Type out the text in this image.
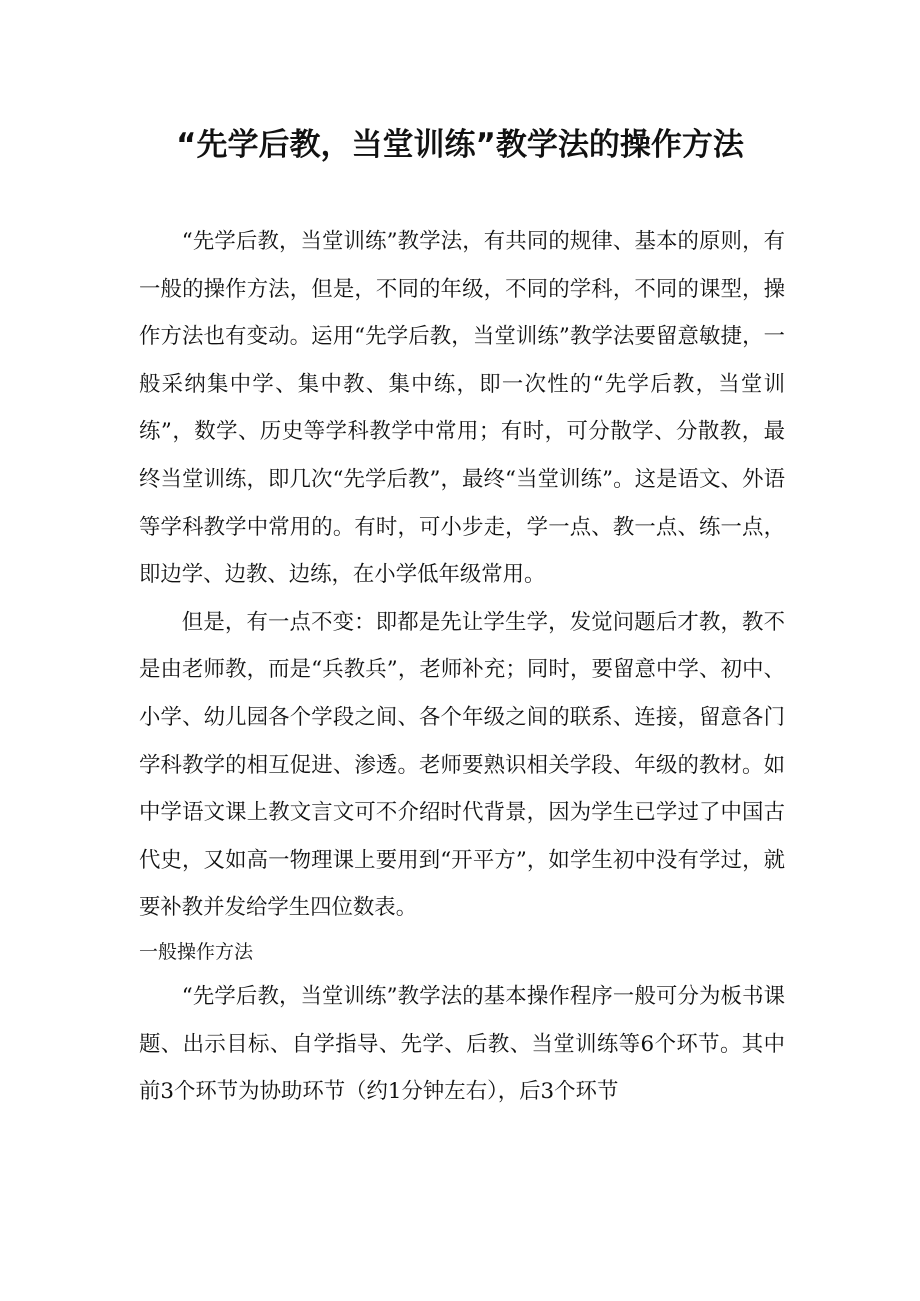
“先学后教，当堂训练”教学法的操作方法

“先学后教，当堂训练”教学法，有共同的规律、基本的原则，有一般的操作方法，但是，不同的年级，不同的学科，不同的课型，操作方法也有变动。运用“先学后教，当堂训练”教学法要留意敏捷，一般采纳集中学、集中教、集中练，即一次性的“先学后教，当堂训练”，数学、历史等学科教学中常用；有时，可分散学、分散教，最终当堂训练，即几次“先学后教”，最终“当堂训练”。这是语文、外语等学科教学中常用的。有时，可小步走，学一点、教一点、练一点，即边学、边教、边练，在小学低年级常用。

但是，有一点不变：即都是先让学生学，发觉问题后才教，教不是由老师教，而是“兵教兵”，老师补充；同时，要留意中学、初中、小学、幼儿园各个学段之间、各个年级之间的联系、连接，留意各门学科教学的相互促进、渗透。老师要熟识相关学段、年级的教材。如中学语文课上教文言文可不介绍时代背景，因为学生已学过了中国古代史，又如高一物理课上要用到“开平方”，如学生初中没有学过，就要补教并发给学生四位数表。

一般操作方法

“先学后教，当堂训练”教学法的基本操作程序一般可分为板书课题、出示目标、自学指导、先学、后教、当堂训练等6个环节。其中前3个环节为协助环节（约1分钟左右），后3个环节
